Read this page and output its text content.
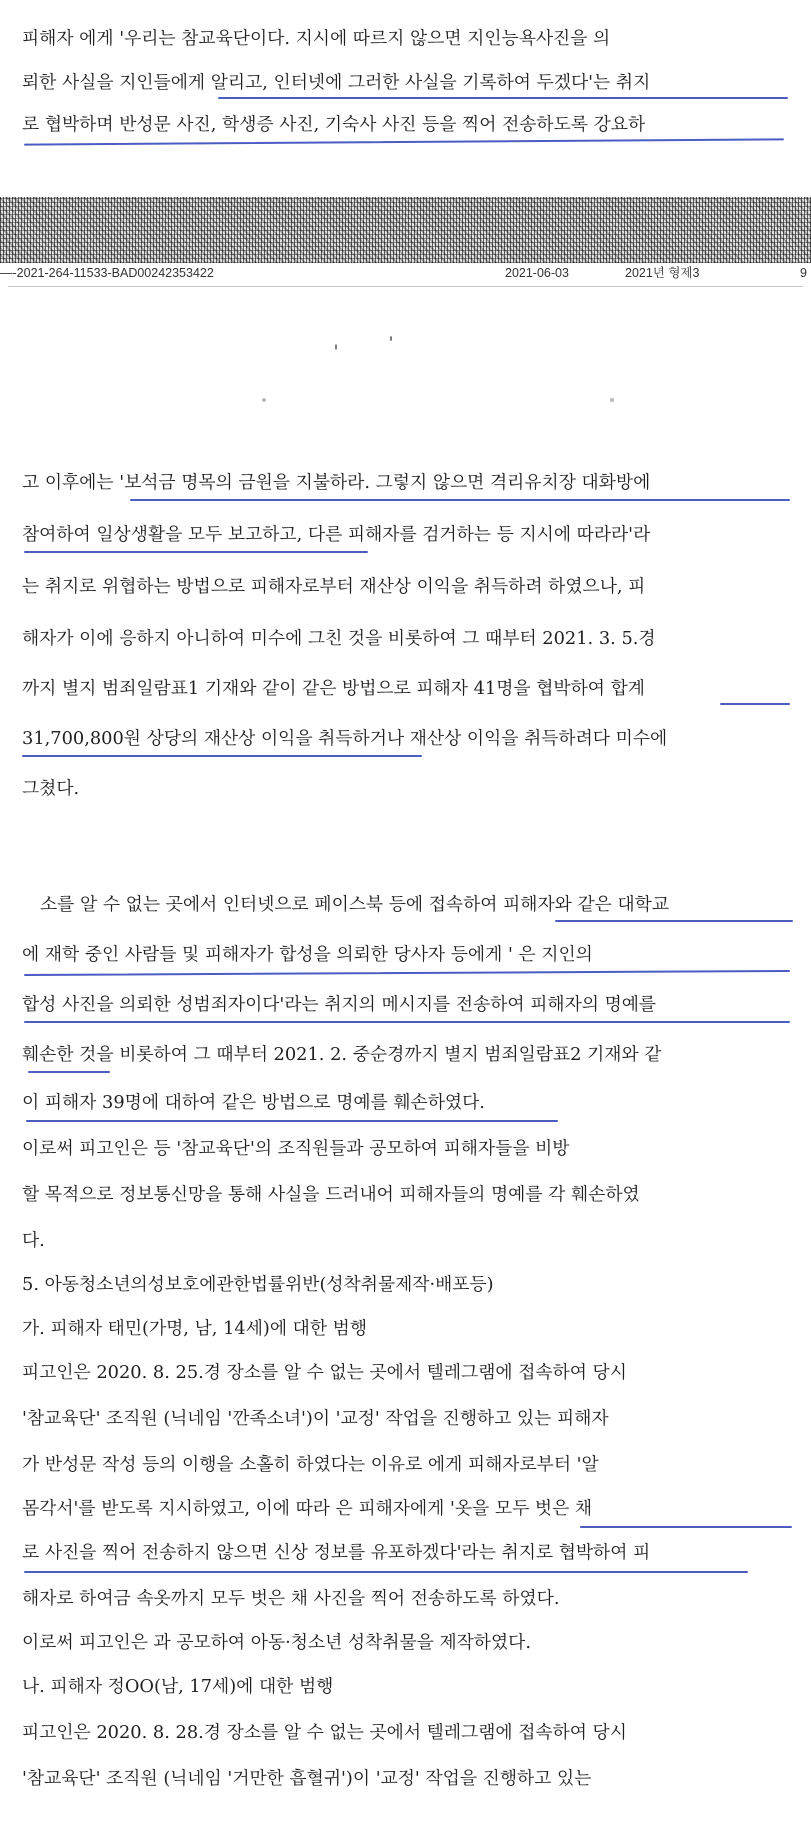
피해자 에게 '우리는 참교육단이다. 지시에 따르지 않으면 지인능욕사진을 의
뢰한 사실을 지인들에게 알리고, 인터넷에 그러한 사실을 기록하여 두겠다'는 취지
로 협박하며 반성문 사진, 학생증 사진, 기숙사 사진 등을 찍어 전송하도록 강요하
—-2021-264-11533-BAD00242353422	2021-06-03	2021년 형제3	9
고 이후에는 '보석금 명목의 금원을 지불하라. 그렇지 않으면 격리유치장 대화방에
참여하여 일상생활을 모두 보고하고, 다른 피해자를 검거하는 등 지시에 따라라'라
는 취지로 위협하는 방법으로 피해자로부터 재산상 이익을 취득하려 하였으나, 피
해자가 이에 응하지 아니하여 미수에 그친 것을 비롯하여 그 때부터 2021. 3. 5.경
까지 별지 범죄일람표1 기재와 같이 같은 방법으로 피해자 41명을 협박하여 합계
31,700,800원 상당의 재산상 이익을 취득하거나 재산상 이익을 취득하려다 미수에
그쳤다.
소를 알 수 없는 곳에서 인터넷으로 페이스북 등에 접속하여 피해자와 같은 대학교
에 재학 중인 사람들 및 피해자가 합성을 의뢰한 당사자 등에게 ' 은 지인의
합성 사진을 의뢰한 성범죄자이다'라는 취지의 메시지를 전송하여 피해자의 명예를
훼손한 것을 비롯하여 그 때부터 2021. 2. 중순경까지 별지 범죄일람표2 기재와 같
이 피해자 39명에 대하여 같은 방법으로 명예를 훼손하였다.
이로써 피고인은 등 '참교육단'의 조직원들과 공모하여 피해자들을 비방
할 목적으로 정보통신망을 통해 사실을 드러내어 피해자들의 명예를 각 훼손하였
다.
5. 아동청소년의성보호에관한법률위반(성착취물제작·배포등)
가. 피해자 태민(가명, 남, 14세)에 대한 범행
피고인은 2020. 8. 25.경 장소를 알 수 없는 곳에서 텔레그램에 접속하여 당시
'참교육단' 조직원 (닉네임 '깐족소녀')이 '교정' 작업을 진행하고 있는 피해자
가 반성문 작성 등의 이행을 소홀히 하였다는 이유로 에게 피해자로부터 '알
몸각서'를 받도록 지시하였고, 이에 따라 은 피해자에게 '옷을 모두 벗은 채
로 사진을 찍어 전송하지 않으면 신상 정보를 유포하겠다'라는 취지로 협박하여 피
해자로 하여금 속옷까지 모두 벗은 채 사진을 찍어 전송하도록 하였다.
이로써 피고인은 과 공모하여 아동·청소년 성착취물을 제작하였다.
나. 피해자 정OO(남, 17세)에 대한 범행
피고인은 2020. 8. 28.경 장소를 알 수 없는 곳에서 텔레그램에 접속하여 당시
'참교육단' 조직원 (닉네임 '거만한 흡혈귀')이 '교정' 작업을 진행하고 있는
